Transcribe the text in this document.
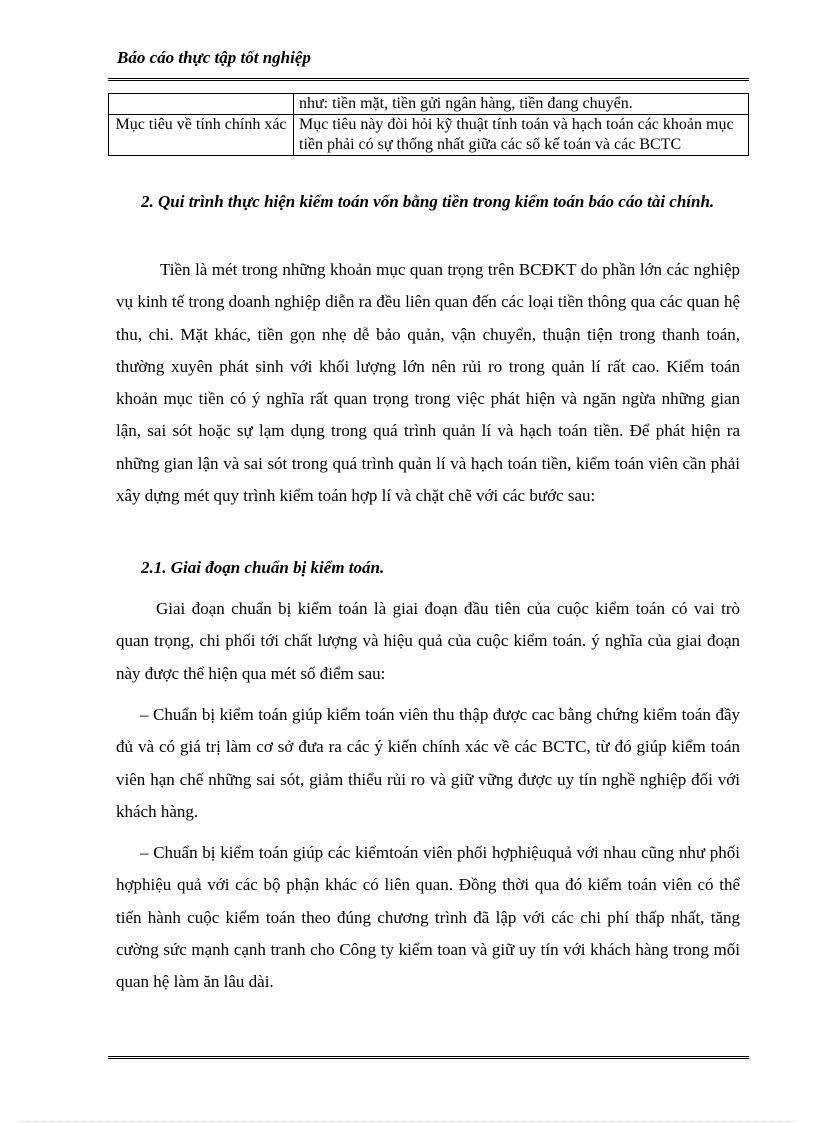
Báo cáo thực tập tốt nghiệp
	như: tiền mặt, tiền gửi ngân hàng, tiền đang chuyển.
Mục tiêu về tính chính xác	Mục tiêu này đòi hỏi kỹ thuật tính toán và hạch toán các khoản mục tiền phải có sự thống nhất giữa các sổ kế toán và các BCTC
2. Qui trình thực hiện kiểm toán vốn bằng tiền trong kiểm toán báo cáo tài chính.

Tiền là mét trong những khoản mục quan trọng trên BCĐKT do phần lớn các nghiệp vụ kinh tế trong doanh nghiệp diễn ra đều liên quan đến các loại tiền thông qua các quan hệ thu, chi. Mặt khác, tiền gọn nhẹ dễ bảo quản, vận chuyển, thuận tiện trong thanh toán, thường xuyên phát sinh với khối lượng lớn nên rủi ro trong quản lí rất cao. Kiểm toán khoản mục tiền có ý nghĩa rất quan trọng trong việc phát hiện và ngăn ngừa những gian lận, sai sót hoặc sự lạm dụng trong quá trình quản lí và hạch toán tiền. Để phát hiện ra những gian lận và sai sót trong quá trình quản lí và hạch toán tiền, kiểm toán viên cần phải xây dựng mét quy trình kiểm toán hợp lí và chặt chẽ với các bước sau:

2.1. Giai đoạn chuẩn bị kiểm toán.

Giai đoạn chuẩn bị kiểm toán là giai đoạn đầu tiên của cuộc kiểm toán có vai trò quan trọng, chi phối tới chất lượng và hiệu quả của cuộc kiểm toán. ý nghĩa của giai đoạn này được thể hiện qua mét số điểm sau:

– Chuẩn bị kiểm toán giúp kiểm toán viên thu thập được cac bằng chứng kiểm toán đầy đủ và có giá trị làm cơ sở đưa ra các ý kiến chính xác về các BCTC, từ đó giúp kiểm toán viên hạn chế những sai sót, giảm thiểu rủi ro và giữ vững được uy tín nghề nghiệp đối với khách hàng.

– Chuẩn bị kiểm toán giúp các kiểmtoán viên phối hợphiệuquả với nhau cũng như phối hợphiệu quả với các bộ phận khác có liên quan. Đồng thời qua đó kiểm toán viên có thể tiến hành cuộc kiểm toán theo đúng chương trình đã lập với các chi phí thấp nhất, tăng cường sức mạnh cạnh tranh cho Công ty kiểm toan và giữ uy tín với khách hàng trong mối quan hệ làm ăn lâu dài.
